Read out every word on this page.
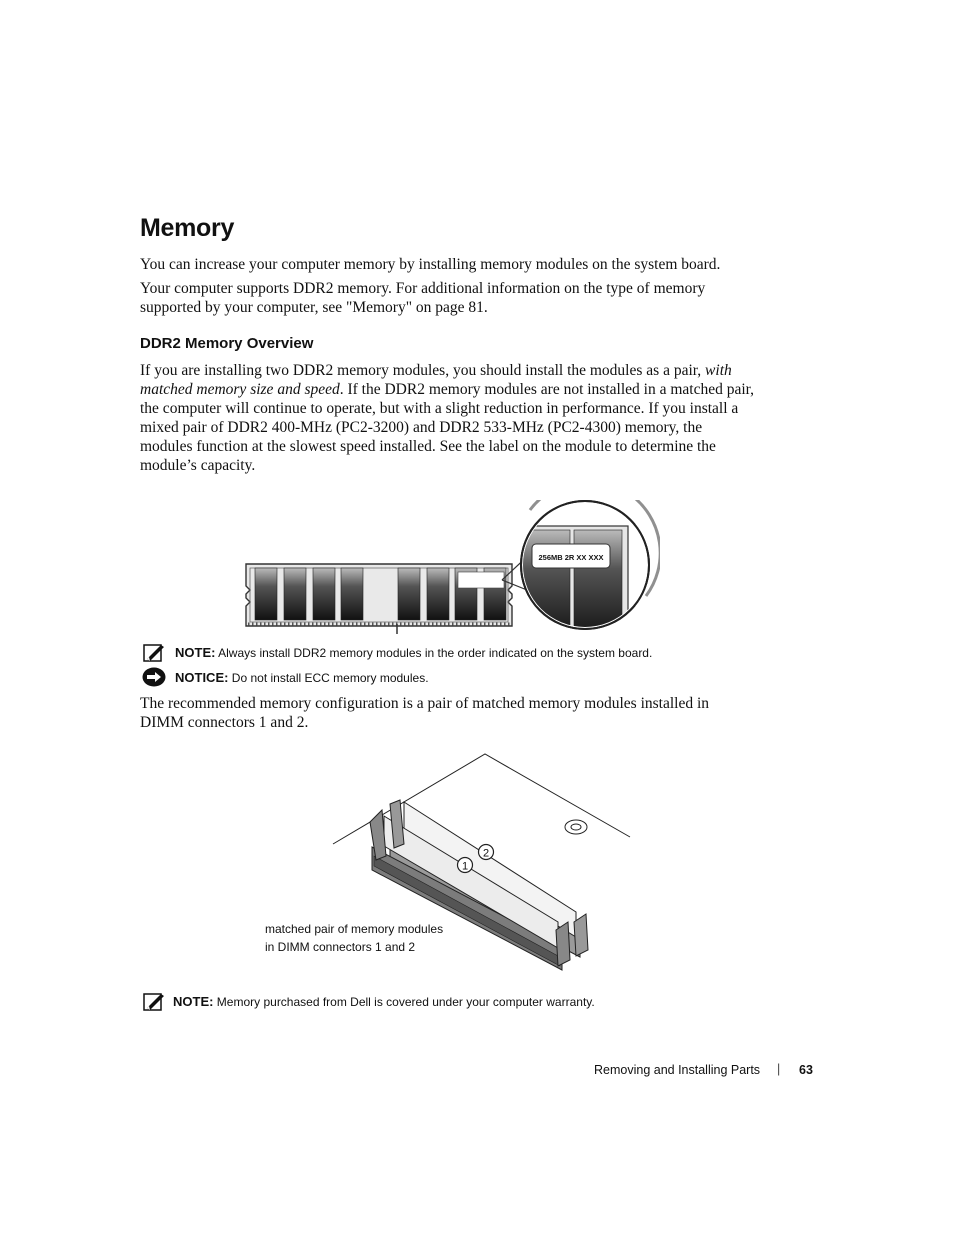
Memory
You can increase your computer memory by installing memory modules on the system board.
Your computer supports DDR2 memory. For additional information on the type of memory
supported by your computer, see "Memory" on page 81.
DDR2 Memory Overview
If you are installing two DDR2 memory modules, you should install the modules as a pair, with
matched memory size and speed. If the DDR2 memory modules are not installed in a matched pair,
the computer will continue to operate, but with a slight reduction in performance. If you install a
mixed pair of DDR2 400-MHz (PC2-3200) and DDR2 533-MHz (PC2-4300) memory, the
modules function at the slowest speed installed. See the label on the module to determine the
module’s capacity.
256MB 2R XX XXX
NOTE: Always install DDR2 memory modules in the order indicated on the system board.
NOTICE: Do not install ECC memory modules.
The recommended memory configuration is a pair of matched memory modules installed in
DIMM connectors 1 and 2.
1
2
matched pair of memory modules
in DIMM connectors 1 and 2
NOTE: Memory purchased from Dell is covered under your computer warranty.
Removing and Installing Parts | 63
